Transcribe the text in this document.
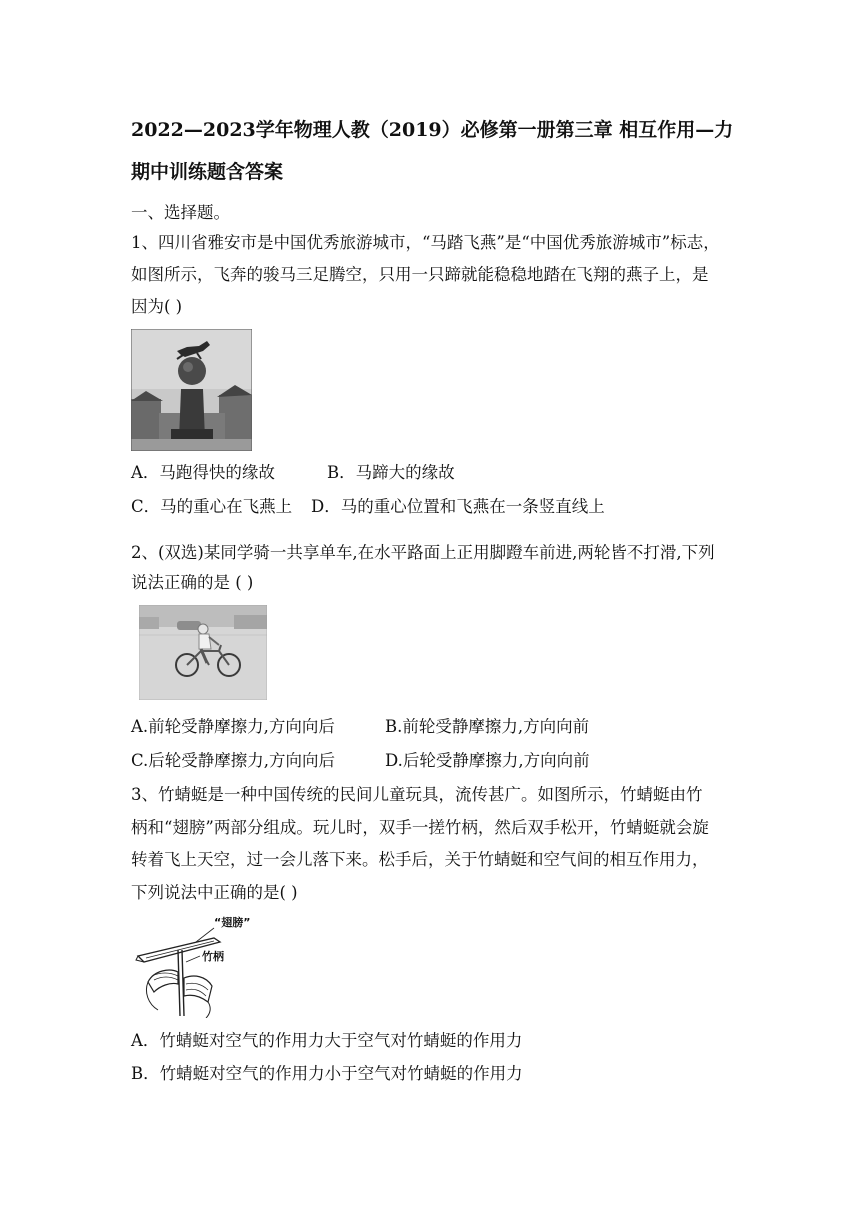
2022—2023学年物理人教（2019）必修第一册第三章 相互作用—力
期中训练题含答案
一、选择题。
1、四川省雅安市是中国优秀旅游城市，“马踏飞燕”是“中国优秀旅游城市”标志，
如图所示，飞奔的骏马三足腾空，只用一只蹄就能稳稳地踏在飞翔的燕子上，是
因为( )
A．马跑得快的缘故	B．马蹄大的缘故
C．马的重心在飞燕上 D．马的重心位置和飞燕在一条竖直线上
2、(双选)某同学骑一共享单车,在水平路面上正用脚蹬车前进,两轮皆不打滑,下列
说法正确的是 ( )
A.前轮受静摩擦力,方向向后	B.前轮受静摩擦力,方向向前
C.后轮受静摩擦力,方向向后	D.后轮受静摩擦力,方向向前
3、竹蜻蜓是一种中国传统的民间儿童玩具，流传甚广。如图所示，竹蜻蜓由竹
柄和“翅膀”两部分组成。玩儿时，双手一搓竹柄，然后双手松开，竹蜻蜓就会旋
转着飞上天空，过一会儿落下来。松手后，关于竹蜻蜓和空气间的相互作用力，
下列说法中正确的是( )
“翅膀”
竹柄
A．竹蜻蜓对空气的作用力大于空气对竹蜻蜓的作用力
B．竹蜻蜓对空气的作用力小于空气对竹蜻蜓的作用力
